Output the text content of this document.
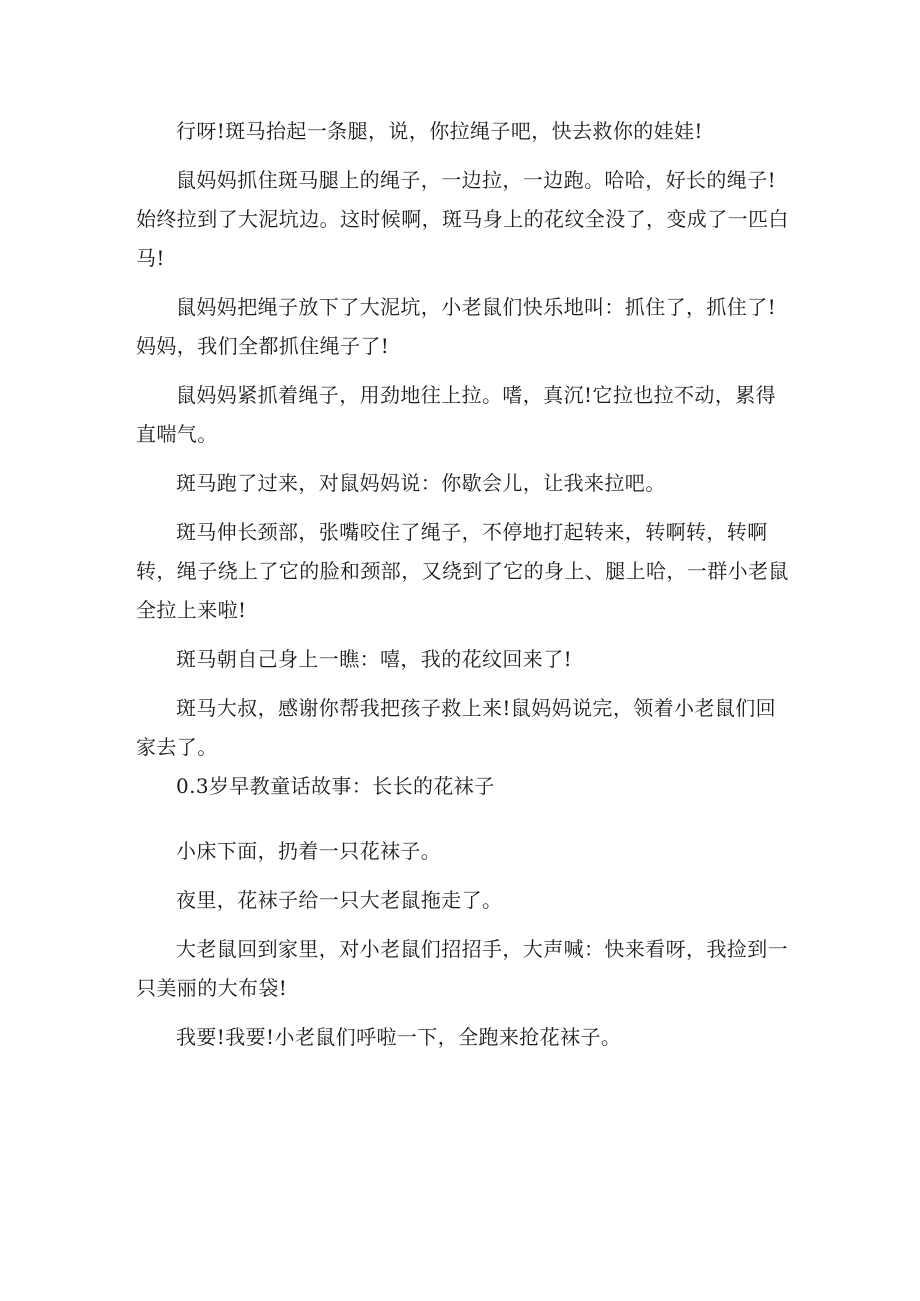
行呀!斑马抬起一条腿，说，你拉绳子吧，快去救你的娃娃!

鼠妈妈抓住斑马腿上的绳子，一边拉，一边跑。哈哈，好长的绳子!始终拉到了大泥坑边。这时候啊，斑马身上的花纹全没了，变成了一匹白马!

鼠妈妈把绳子放下了大泥坑，小老鼠们快乐地叫：抓住了，抓住了!妈妈，我们全都抓住绳子了!

鼠妈妈紧抓着绳子，用劲地往上拉。嗜，真沉!它拉也拉不动，累得直喘气。

斑马跑了过来，对鼠妈妈说：你歇会儿，让我来拉吧。

斑马伸长颈部，张嘴咬住了绳子，不停地打起转来，转啊转，转啊转，绳子绕上了它的脸和颈部，又绕到了它的身上、腿上哈，一群小老鼠全拉上来啦!

斑马朝自己身上一瞧：嘻，我的花纹回来了!

斑马大叔，感谢你帮我把孩子救上来!鼠妈妈说完，领着小老鼠们回家去了。

0.3岁早教童话故事：长长的花袜子

小床下面，扔着一只花袜子。

夜里，花袜子给一只大老鼠拖走了。

大老鼠回到家里，对小老鼠们招招手，大声喊：快来看呀，我捡到一只美丽的大布袋!

我要!我要!小老鼠们呼啦一下，全跑来抢花袜子。
